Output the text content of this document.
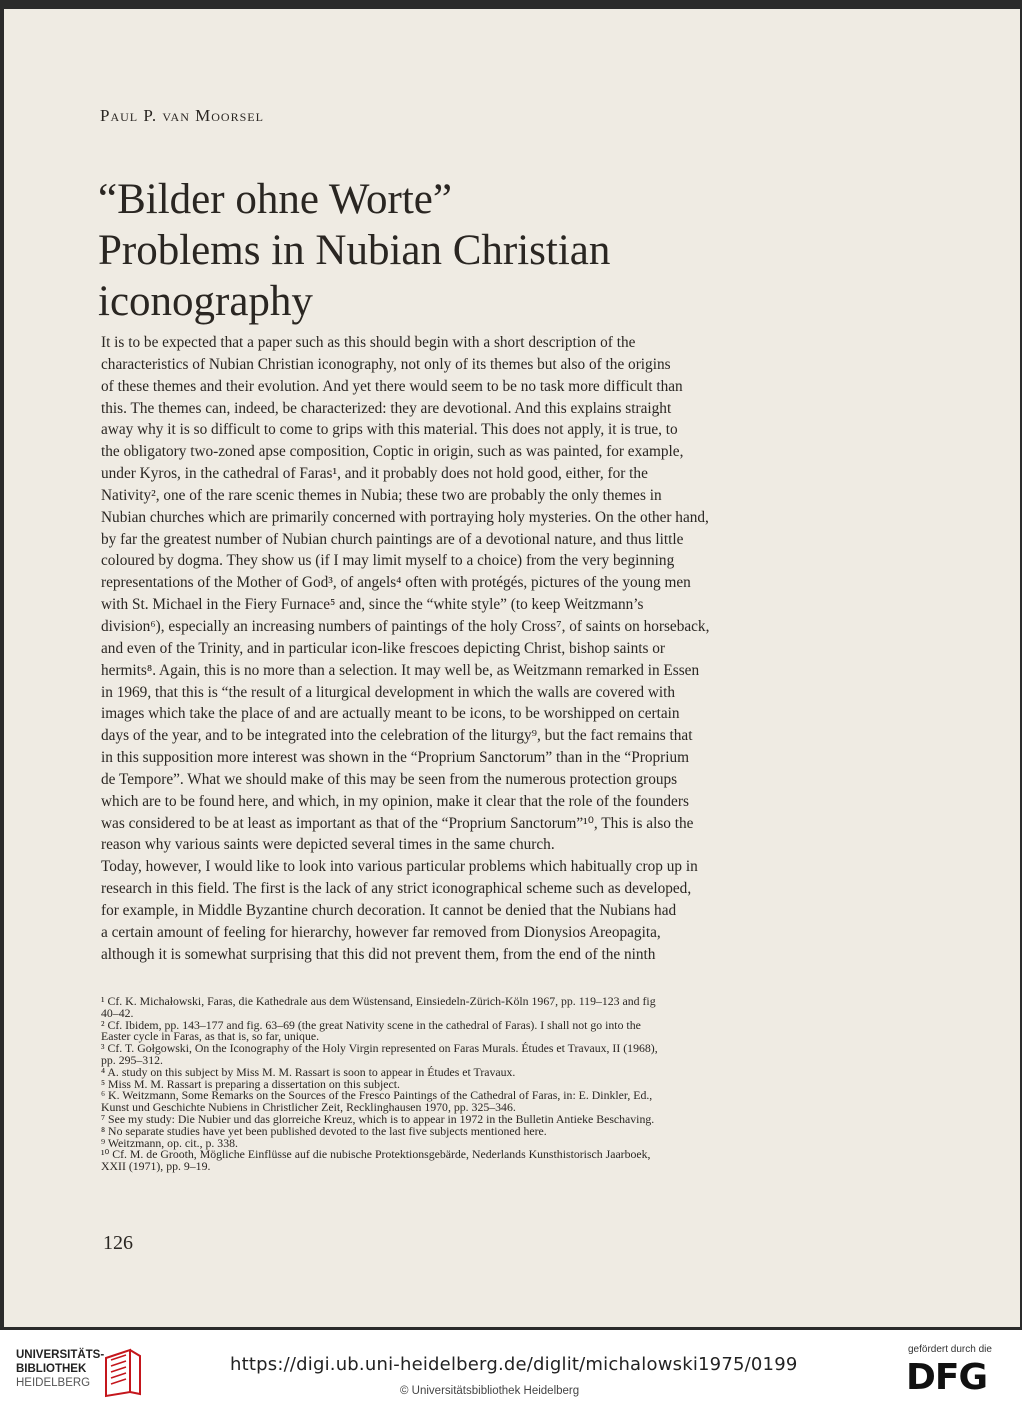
Paul P. van Moorsel

“Bilder ohne Worte”
Problems in Nubian Christian
iconography
It is to be expected that a paper such as this should begin with a short description of the
characteristics of Nubian Christian iconography, not only of its themes but also of the origins
of these themes and their evolution. And yet there would seem to be no task more difficult than
this. The themes can, indeed, be characterized: they are devotional. And this explains straight
away why it is so difficult to come to grips with this material. This does not apply, it is true, to
the obligatory two-zoned apse composition, Coptic in origin, such as was painted, for example,
under Kyros, in the cathedral of Faras¹, and it probably does not hold good, either, for the
Nativity², one of the rare scenic themes in Nubia; these two are probably the only themes in
Nubian churches which are primarily concerned with portraying holy mysteries. On the other hand,
by far the greatest number of Nubian church paintings are of a devotional nature, and thus little
coloured by dogma. They show us (if I may limit myself to a choice) from the very beginning
representations of the Mother of God³, of angels⁴ often with protégés, pictures of the young men
with St. Michael in the Fiery Furnace⁵ and, since the “white style” (to keep Weitzmann’s
division⁶), especially an increasing numbers of paintings of the holy Cross⁷, of saints on horseback,
and even of the Trinity, and in particular icon-like frescoes depicting Christ, bishop saints or
hermits⁸. Again, this is no more than a selection. It may well be, as Weitzmann remarked in Essen
in 1969, that this is “the result of a liturgical development in which the walls are covered with
images which take the place of and are actually meant to be icons, to be worshipped on certain
days of the year, and to be integrated into the celebration of the liturgy⁹, but the fact remains that
in this supposition more interest was shown in the “Proprium Sanctorum” than in the “Proprium
de Tempore”. What we should make of this may be seen from the numerous protection groups
which are to be found here, and which, in my opinion, make it clear that the role of the founders
was considered to be at least as important as that of the “Proprium Sanctorum”¹⁰, This is also the
reason why various saints were depicted several times in the same church.
Today, however, I would like to look into various particular problems which habitually crop up in
research in this field. The first is the lack of any strict iconographical scheme such as developed,
for example, in Middle Byzantine church decoration. It cannot be denied that the Nubians had
a certain amount of feeling for hierarchy, however far removed from Dionysios Areopagita,
although it is somewhat surprising that this did not prevent them, from the end of the ninth
¹ Cf. K. Michałowski, Faras, die Kathedrale aus dem Wüstensand, Einsiedeln-Zürich-Köln 1967, pp. 119–123 and fig
40–42.
² Cf. Ibidem, pp. 143–177 and fig. 63–69 (the great Nativity scene in the cathedral of Faras). I shall not go into the
Easter cycle in Faras, as that is, so far, unique.
³ Cf. T. Gołgowski, On the Iconography of the Holy Virgin represented on Faras Murals. Études et Travaux, II (1968),
pp. 295–312.
⁴ A. study on this subject by Miss M. M. Rassart is soon to appear in Études et Travaux.
⁵ Miss M. M. Rassart is preparing a dissertation on this subject.
⁶ K. Weitzmann, Some Remarks on the Sources of the Fresco Paintings of the Cathedral of Faras, in: E. Dinkler, Ed.,
Kunst und Geschichte Nubiens in Christlicher Zeit, Recklinghausen 1970, pp. 325–346.
⁷ See my study: Die Nubier und das glorreiche Kreuz, which is to appear in 1972 in the Bulletin Antieke Beschaving.
⁸ No separate studies have yet been published devoted to the last five subjects mentioned here.
⁹ Weitzmann, op. cit., p. 338.
¹⁰ Cf. M. de Grooth, Mögliche Einflüsse auf die nubische Protektionsgebärde, Nederlands Kunsthistorisch Jaarboek,
XXII (1971), pp. 9–19.

126

UNIVERSITÄTS-
BIBLIOTHEK
HEIDELBERG
https://digi.ub.uni-heidelberg.de/diglit/michalowski1975/0199
© Universitätsbibliothek Heidelberg
gefördert durch die
DFG
